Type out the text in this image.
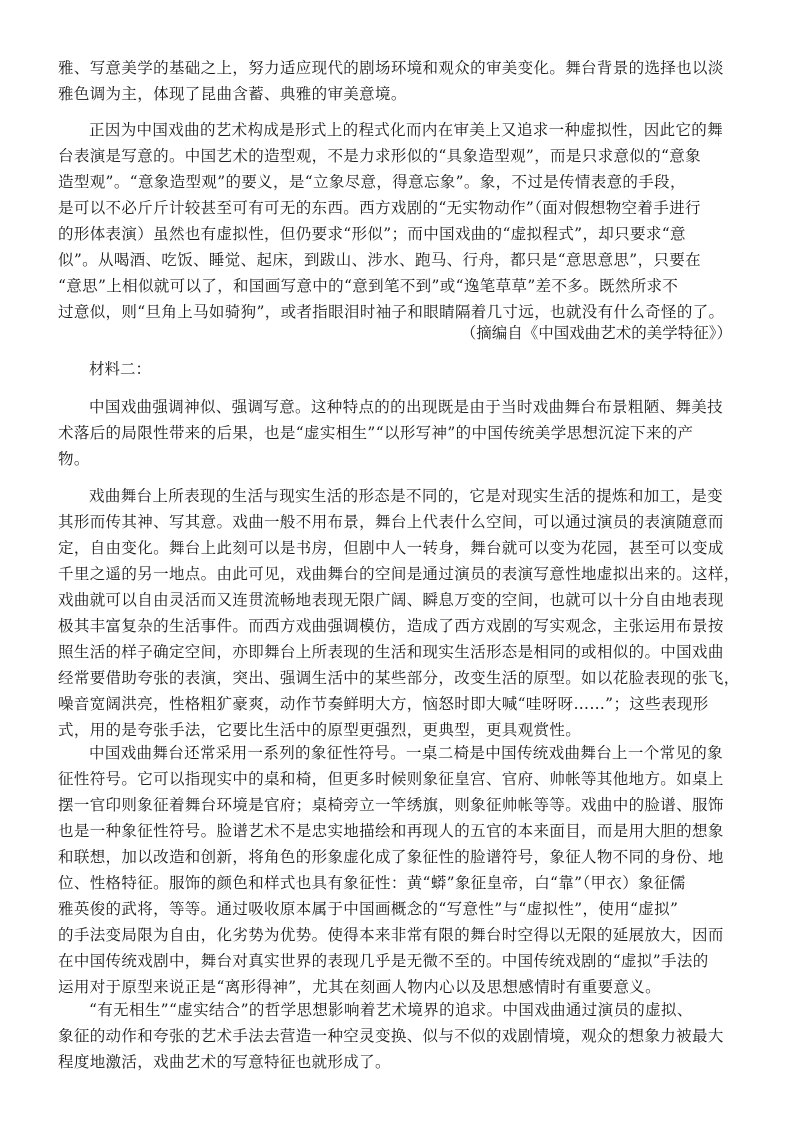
雅、写意美学的基础之上，努力适应现代的剧场环境和观众的审美变化。舞台背景的选择也以淡
雅色调为主，体现了昆曲含蓄、典雅的审美意境。
正因为中国戏曲的艺术构成是形式上的程式化而内在审美上又追求一种虚拟性，因此它的舞
台表演是写意的。中国艺术的造型观，不是力求形似的“具象造型观”，而是只求意似的“意象
造型观”。“意象造型观”的要义，是“立象尽意，得意忘象”。象，不过是传情表意的手段，
是可以不必斤斤计较甚至可有可无的东西。西方戏剧的“无实物动作”（面对假想物空着手进行
的形体表演）虽然也有虚拟性，但仍要求“形似”；而中国戏曲的“虚拟程式”，却只要求“意
似”。从喝酒、吃饭、睡觉、起床，到跋山、涉水、跑马、行舟，都只是“意思意思”，只要在
“意思”上相似就可以了，和国画写意中的“意到笔不到”或“逸笔草草”差不多。既然所求不
过意似，则“旦角上马如骑狗”，或者指眼泪时袖子和眼睛隔着几寸远，也就没有什么奇怪的了。

（摘编自《中国戏曲艺术的美学特征》）

材料二：

中国戏曲强调神似、强调写意。这种特点的的出现既是由于当时戏曲舞台布景粗陋、舞美技
术落后的局限性带来的后果，也是“虚实相生”“以形写神”的中国传统美学思想沉淀下来的产
物。
戏曲舞台上所表现的生活与现实生活的形态是不同的，它是对现实生活的提炼和加工，是变
其形而传其神、写其意。戏曲一般不用布景，舞台上代表什么空间，可以通过演员的表演随意而
定，自由变化。舞台上此刻可以是书房，但剧中人一转身，舞台就可以变为花园，甚至可以变成
千里之遥的另一地点。由此可见，戏曲舞台的空间是通过演员的表演写意性地虚拟出来的。这样，
戏曲就可以自由灵活而又连贯流畅地表现无限广阔、瞬息万变的空间，也就可以十分自由地表现
极其丰富复杂的生活事件。而西方戏曲强调模仿，造成了西方戏剧的写实观念，主张运用布景按
照生活的样子确定空间，亦即舞台上所表现的生活和现实生活形态是相同的或相似的。中国戏曲
经常要借助夸张的表演，突出、强调生活中的某些部分，改变生活的原型。如以花脸表现的张飞，
噪音宽阔洪亮，性格粗犷豪爽，动作节奏鲜明大方，恼怒时即大喊“哇呀呀……”；这些表现形
式，用的是夸张手法，它要比生活中的原型更强烈，更典型，更具观赏性。
中国戏曲舞台还常采用一系列的象征性符号。一桌二椅是中国传统戏曲舞台上一个常见的象
征性符号。它可以指现实中的桌和椅，但更多时候则象征皇宫、官府、帅帐等其他地方。如桌上
摆一官印则象征着舞台环境是官府；桌椅旁立一竿绣旗，则象征帅帐等等。戏曲中的脸谱、服饰
也是一种象征性符号。脸谱艺术不是忠实地描绘和再现人的五官的本来面目，而是用大胆的想象
和联想，加以改造和创新，将角色的形象虚化成了象征性的脸谱符号，象征人物不同的身份、地
位、性格特征。服饰的颜色和样式也具有象征性：黄“蟒”象征皇帝，白“靠”（甲衣）象征儒
雅英俊的武将，等等。通过吸收原本属于中国画概念的“写意性”与“虚拟性”，使用“虚拟”
的手法变局限为自由，化劣势为优势。使得本来非常有限的舞台时空得以无限的延展放大，因而
在中国传统戏剧中，舞台对真实世界的表现几乎是无微不至的。中国传统戏剧的“虚拟”手法的
运用对于原型来说正是“离形得神”，尤其在刻画人物内心以及思想感情时有重要意义。
“有无相生”“虚实结合”的哲学思想影响着艺术境界的追求。中国戏曲通过演员的虚拟、
象征的动作和夸张的艺术手法去营造一种空灵变换、似与不似的戏剧情境，观众的想象力被最大
程度地激活，戏曲艺术的写意特征也就形成了。
